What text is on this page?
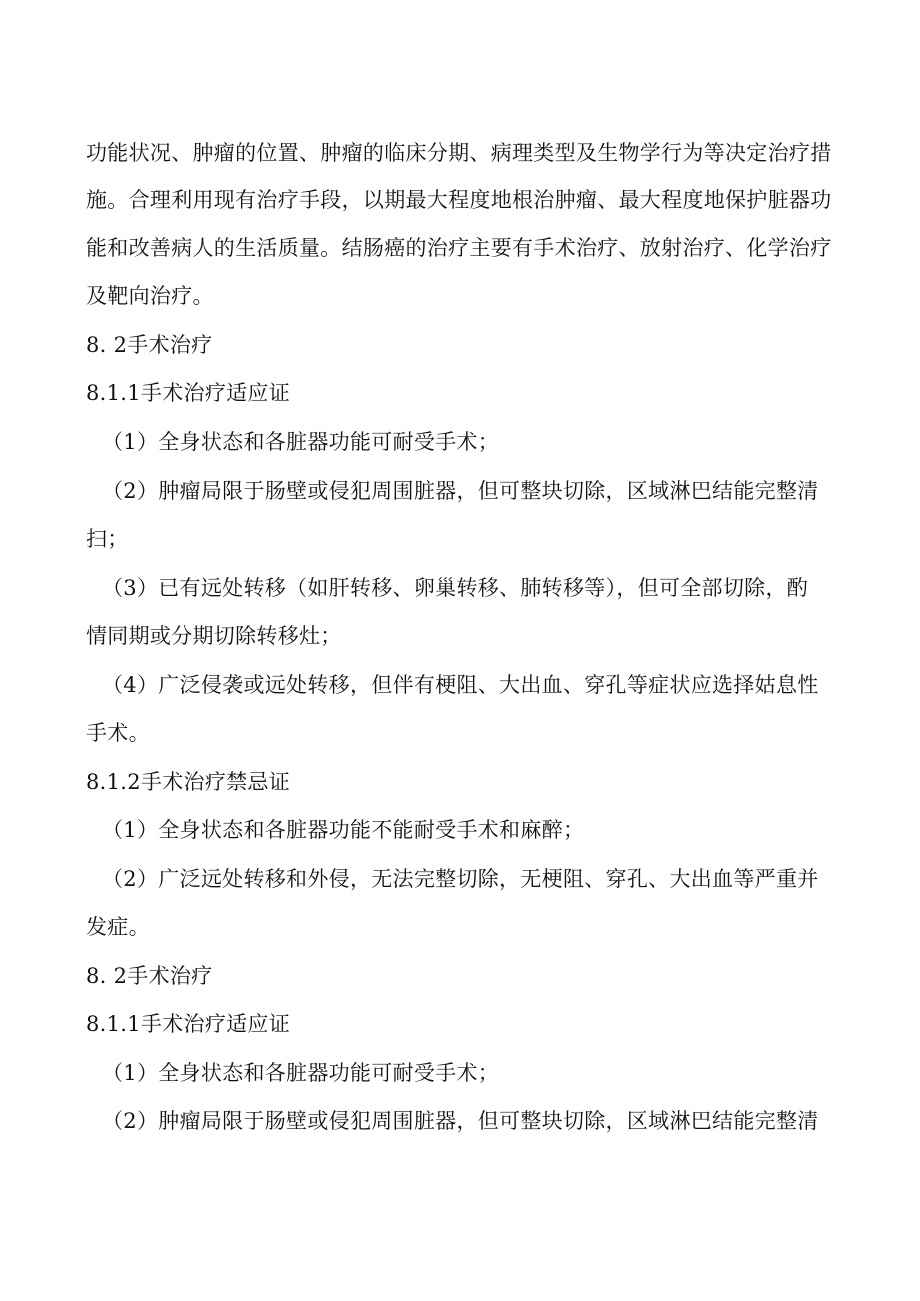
功能状况、肿瘤的位置、肿瘤的临床分期、病理类型及生物学行为等决定治疗措
施。合理利用现有治疗手段，以期最大程度地根治肿瘤、最大程度地保护脏器功
能和改善病人的生活质量。结肠癌的治疗主要有手术治疗、放射治疗、化学治疗
及靶向治疗。
8. 2手术治疗
8.1.1手术治疗适应证
（1）全身状态和各脏器功能可耐受手术；
（2）肿瘤局限于肠壁或侵犯周围脏器，但可整块切除，区域淋巴结能完整清
扫；
（3）已有远处转移（如肝转移、卵巢转移、肺转移等），但可全部切除，酌
情同期或分期切除转移灶；
（4）广泛侵袭或远处转移，但伴有梗阻、大出血、穿孔等症状应选择姑息性
手术。
8.1.2手术治疗禁忌证
（1）全身状态和各脏器功能不能耐受手术和麻醉；
（2）广泛远处转移和外侵，无法完整切除，无梗阻、穿孔、大出血等严重并
发症。
8. 2手术治疗
8.1.1手术治疗适应证
（1）全身状态和各脏器功能可耐受手术；
（2）肿瘤局限于肠壁或侵犯周围脏器，但可整块切除，区域淋巴结能完整清
